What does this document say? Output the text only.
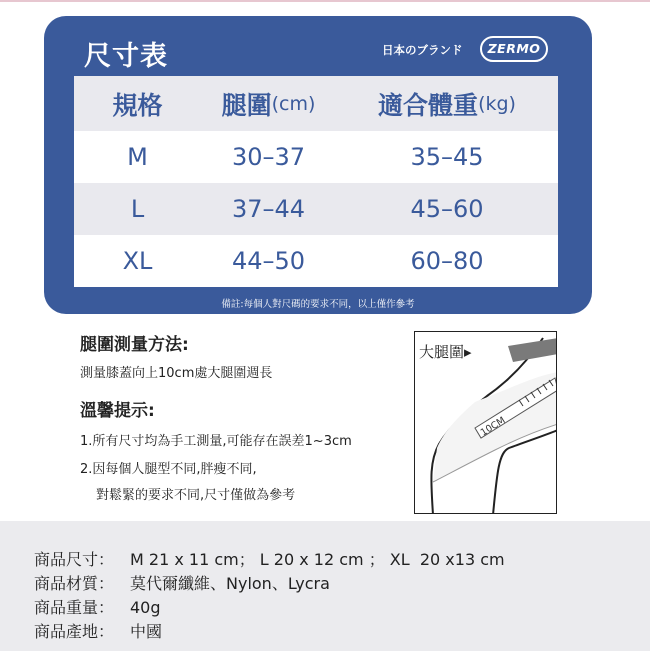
尺寸表	日本のブランド	ZERMO
規格	腿圍 (cm)	適合體重 (kg)
M	30–37	35–45
L	37–44	45–60
XL	44–50	60–80
備註:每個人對尺碼的要求不同，以上僅作參考
腿圍測量方法:
測量膝蓋向上10cm處大腿圍週長
溫馨提示:
1.所有尺寸均為手工測量,可能存在誤差1~3cm
2.因每個人腿型不同,胖瘦不同,
對鬆緊的要求不同,尺寸僅做為參考
10CM
大腿圍▸
商品尺寸： M 21 x 11 cm； L 20 x 12 cm ； XL  20 x13 cm
商品材質： 莫代爾纖維、Nylon、Lycra
商品重量： 40g
商品產地： 中國
